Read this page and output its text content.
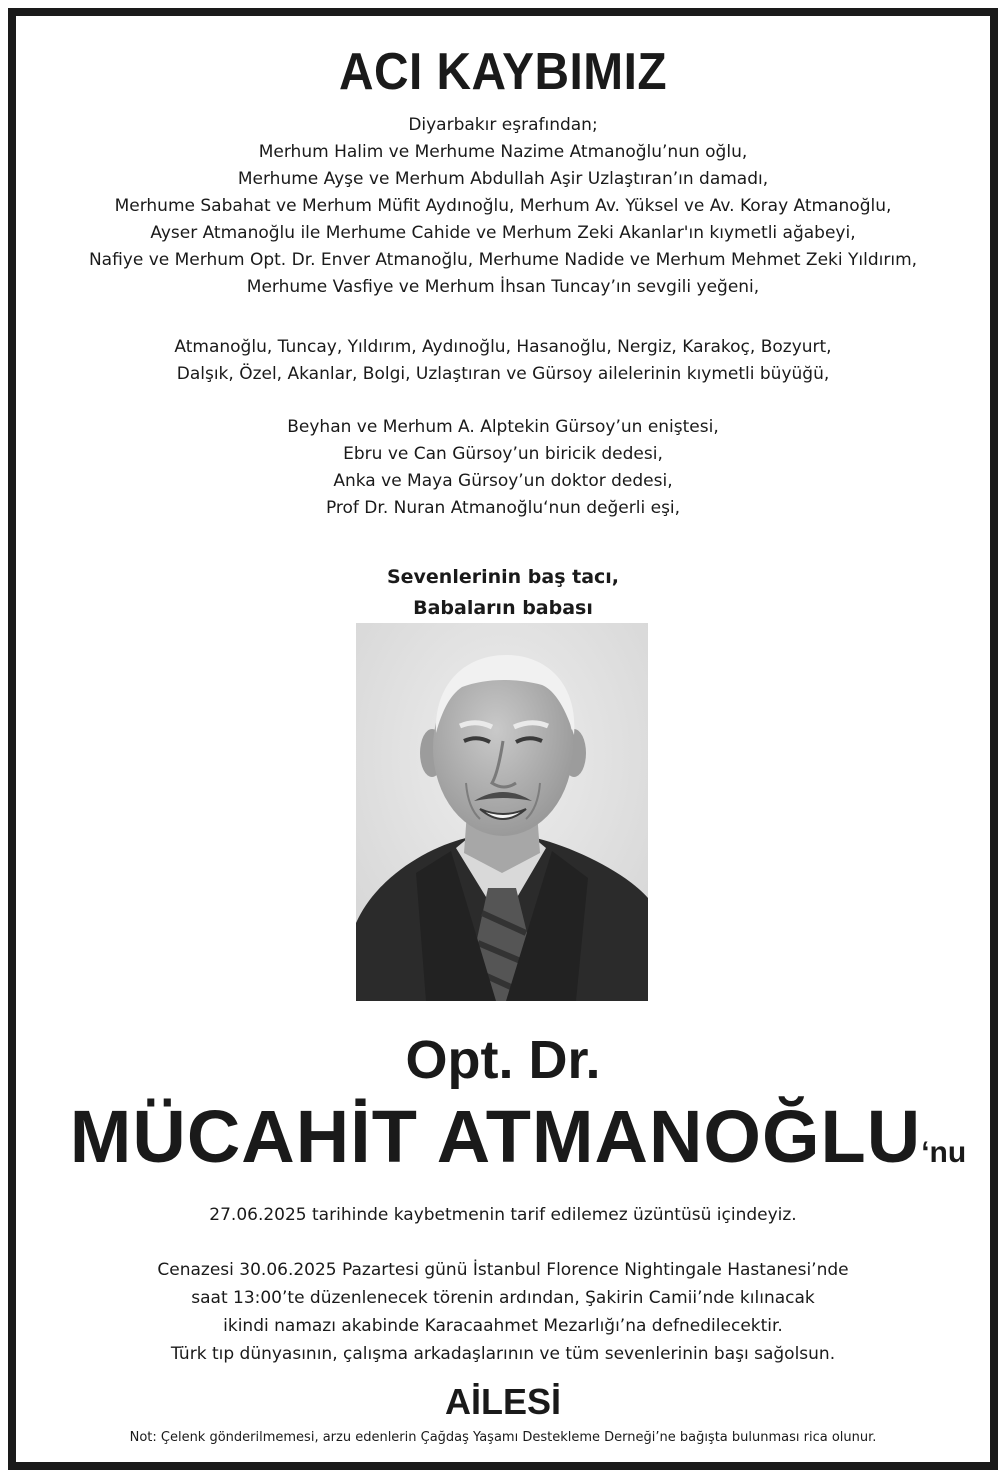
ACI KAYBIMIZ

Diyarbakır eşrafından;

Merhum Halim ve Merhume Nazime Atmanoğlu’nun oğlu,

Merhume Ayşe ve Merhum Abdullah Aşir Uzlaştıran’ın damadı,

Merhume Sabahat ve Merhum Müfit Aydınoğlu, Merhum Av. Yüksel ve Av. Koray Atmanoğlu,

Ayser Atmanoğlu ile Merhume Cahide ve Merhum Zeki Akanlar'ın kıymetli ağabeyi,

Nafiye ve Merhum Opt. Dr. Enver Atmanoğlu, Merhume Nadide ve Merhum Mehmet Zeki Yıldırım,

Merhume Vasfiye ve Merhum İhsan Tuncay’ın sevgili yeğeni,

Atmanoğlu, Tuncay, Yıldırım, Aydınoğlu, Hasanoğlu, Nergiz, Karakoç, Bozyurt,

Dalşık, Özel, Akanlar, Bolgi, Uzlaştıran ve Gürsoy ailelerinin kıymetli büyüğü,

Beyhan ve Merhum A. Alptekin Gürsoy’un eniştesi,

Ebru ve Can Gürsoy’un biricik dedesi,

Anka ve Maya Gürsoy’un doktor dedesi,

Prof Dr. Nuran Atmanoğlu‘nun değerli eşi,

Sevenlerinin baş tacı,

Babaların babası

Opt. Dr.
MÜCAHİT ATMANOĞLU‘nu
27.06.2025 tarihinde kaybetmenin tarif edilemez üzüntüsü içindeyiz.

Cenazesi 30.06.2025 Pazartesi günü İstanbul Florence Nightingale Hastanesi’nde

saat 13:00’te düzenlenecek törenin ardından, Şakirin Camii’nde kılınacak

ikindi namazı akabinde Karacaahmet Mezarlığı’na defnedilecektir.

Türk tıp dünyasının, çalışma arkadaşlarının ve tüm sevenlerinin başı sağolsun.

AİLESİ
Not: Çelenk gönderilmemesi, arzu edenlerin Çağdaş Yaşamı Destekleme Derneği’ne bağışta bulunması rica olunur.
